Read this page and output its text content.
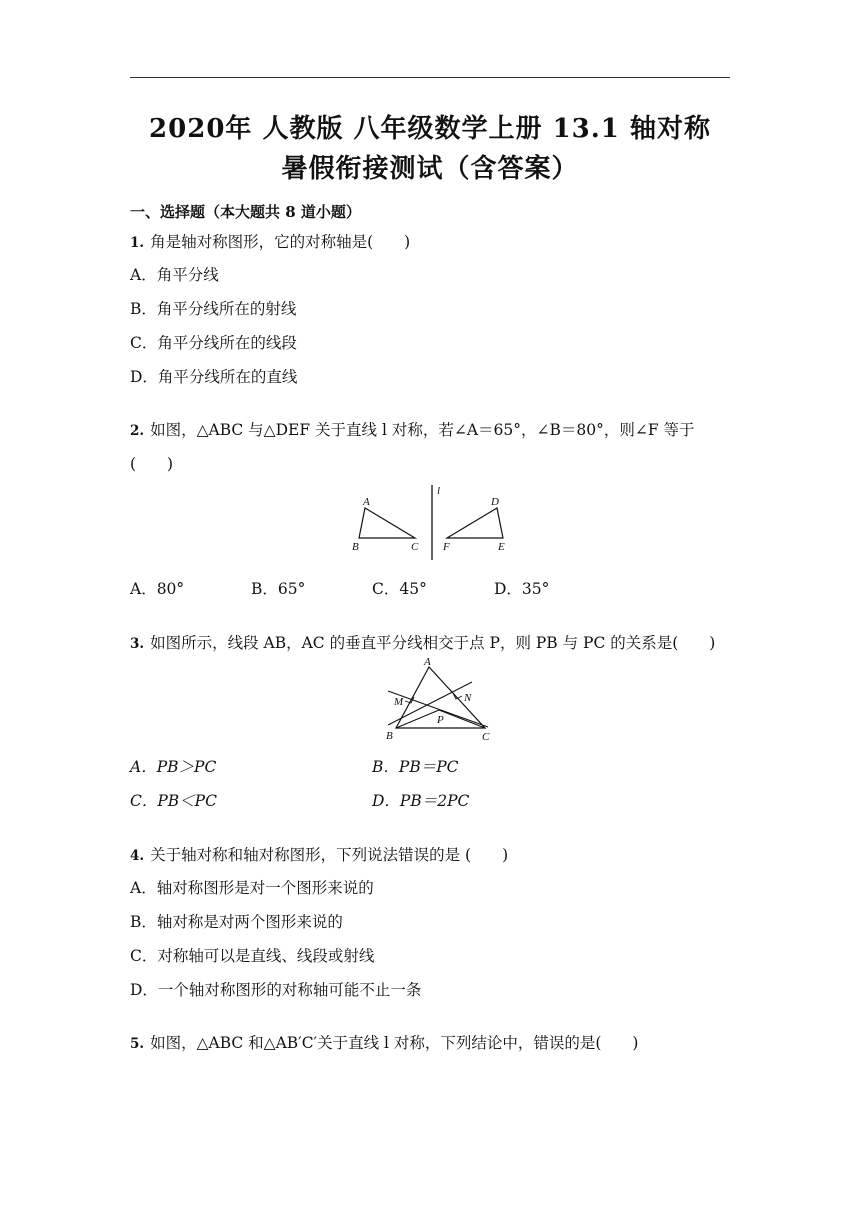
2020年 人教版 八年级数学上册 13.1 轴对称
暑假衔接测试（含答案）
一、选择题（本大题共 8 道小题）
1. 角是轴对称图形，它的对称轴是(　　)
A．角平分线
B．角平分线所在的射线
C．角平分线所在的线段
D．角平分线所在的直线
2. 如图，△ABC 与△DEF 关于直线 l 对称，若∠A＝65°，∠B＝80°，则∠F 等于
(　　)
l
A
B	C
D
E
F
A．80°	B．65°	C．45°	D．35°
3. 如图所示，线段 AB，AC 的垂直平分线相交于点 P，则 PB 与 PC 的关系是(　　)
A
B	C
M	N
P
A．PB＞PC	B．PB＝PC
C．PB＜PC	D．PB＝2PC
4. 关于轴对称和轴对称图形，下列说法错误的是 (　　)
A．轴对称图形是对一个图形来说的
B．轴对称是对两个图形来说的
C．对称轴可以是直线、线段或射线
D．一个轴对称图形的对称轴可能不止一条
5. 如图，△ABC 和△AB′C′关于直线 l 对称，下列结论中，错误的是(　　)
